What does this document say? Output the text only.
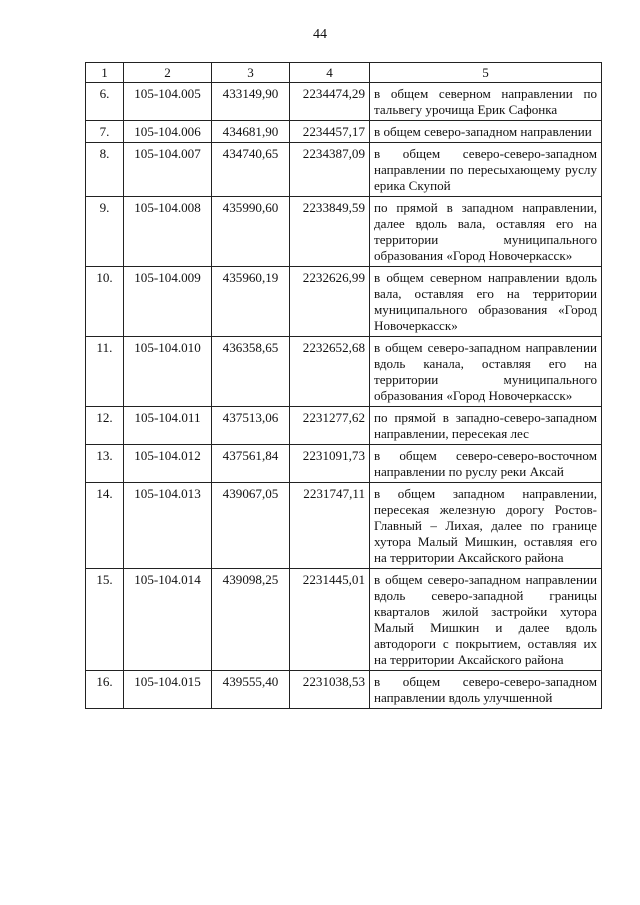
44
1	2	3	4	5
6.	105-104.005	433149,90	2234474,29	в общем северном направлении по тальвегу урочища Ерик Сафонка
7.	105-104.006	434681,90	2234457,17	в общем северо-западном направлении
8.	105-104.007	434740,65	2234387,09	в общем северо-северо-западном направлении по пересыхающему руслу ерика Скупой
9.	105-104.008	435990,60	2233849,59	по прямой в западном направлении, далее вдоль вала, оставляя его на территории муниципального образования «Город Новочеркасск»
10.	105-104.009	435960,19	2232626,99	в общем северном направлении вдоль вала, оставляя его на территории муниципального образования «Город Новочеркасск»
11.	105-104.010	436358,65	2232652,68	в общем северо-западном направлении вдоль канала, оставляя его на территории муниципального образования «Город Новочеркасск»
12.	105-104.011	437513,06	2231277,62	по прямой в западно-северо-западном направлении, пересекая лес
13.	105-104.012	437561,84	2231091,73	в общем северо-северо-восточном направлении по руслу реки Аксай
14.	105-104.013	439067,05	2231747,11	в общем западном направлении, пересекая железную дорогу Ростов-Главный – Лихая, далее по границе хутора Малый Мишкин, оставляя его на территории Аксайского района
15.	105-104.014	439098,25	2231445,01	в общем северо-западном направлении вдоль северо-западной границы кварталов жилой застройки хутора Малый Мишкин и далее вдоль автодороги с покрытием, оставляя их на территории Аксайского района
16.	105-104.015	439555,40	2231038,53	в общем северо-северо-западном направлении вдоль улучшенной
